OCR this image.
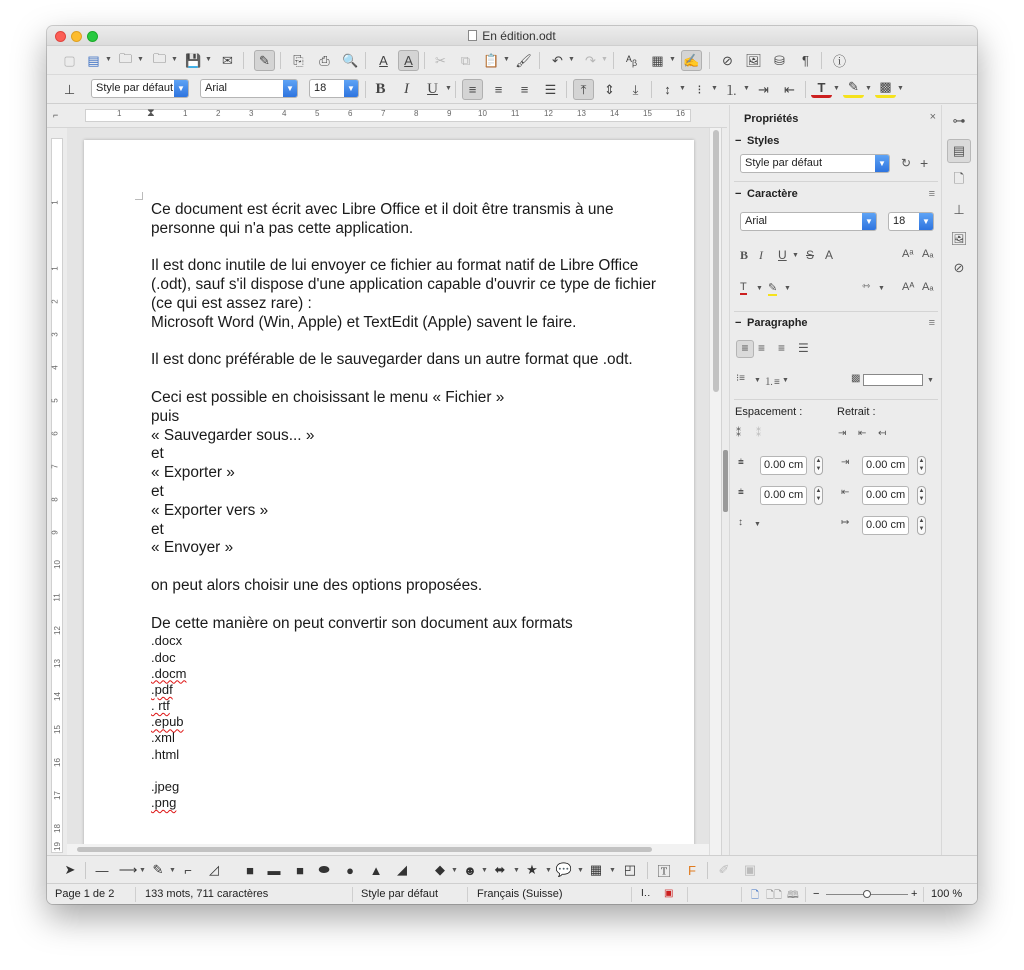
En édition.odt
▢ ▤ ▼ 🗀 ▼ 🗀 ▼ 💾 ▼ ✉	✎	⎘	⎙ 🔍	A	A	✂	⧉	📋 ▼ 🖌	↶ ▼ ↷ ▼	ᴬᵦ	▦ ▼ ✍	⊘ 🖼 ⛁	¶	ⓘ
⊥	Style par défaut ▼	Arial	▼	18	▼	B	I	U	▼	≡	≡	≡	☰	⤒	⇕	⤓	↕	▼ ⁝	▼ ⒈ ▼ ⇥	⇤	T	▼ ✎ ▼ ▩ ▼
⌐	⧗
1	1	2	3	4	5	6	7	8	9	10	11	12	13	14	15	16
1
1
2
3
4
5
6
7
8
9
10
11
12
13
14
15
16
17
18
19
Ce document est écrit avec Libre Office et il doit être transmis à une
personne qui n'a pas cette application.
Il est donc inutile de lui envoyer ce fichier au format natif de Libre Office
(.odt), sauf s'il dispose d'une application capable d'ouvrir ce type de fichier
(ce qui est assez rare) :
Microsoft Word (Win, Apple) et TextEdit (Apple) savent le faire.
Il est donc préférable de le sauvegarder dans un autre format que .odt.
Ceci est possible en choisissant le menu « Fichier »
puis
« Sauvegarder sous... »
et
« Exporter »
et
« Exporter vers »
et
« Envoyer »
on peut alors choisir une des options proposées.
De cette manière on peut convertir son document aux formats
.docx
.doc
.docm
.pdf
. rtf
.epub
.xml
.html
.jpeg
.png
Propriétés	×
− Styles
Style par défaut	▼ ↻ +
− Caractère	≡
Arial	▼	18	▼
B I U ▼ S A	Aᵃ Aₐ
T ▼ ✎ ▼	⇿ ▼ Aᴬ Aₐ
− Paragraphe	≡
≡ ≡ ≡ ☰
⁝≡ ▼ ⒈≡ ▼	▩	▼
Espacement :	Retrait :
⁑ ⁑	⇥ ⇤ ↤
⩧	0.00 cm	▲
▼
⇥	0.00 cm	▲
▼
⩧	0.00 cm	▲
▼
⇤	0.00 cm	▲
▼
↕ ▼	↦	0.00 cm	▲
▼
⊶
▤
🗋
⊥
🖼
⊘
➤ — ⟶ ▼ ✎ ▼ ⌐	◿	■	▬	■	⬬	●	▲	◢	◆ ▼ ☻ ▼ ⬌	▼ ★	▼ 💬 ▼ ▦ ▼ ◰ 🅃	F	✐ ▣
Page 1 de 2	133 mots, 711 caractères	Style par défaut	Français (Suisse)	I‥ ▣	🗋 🗋🗋 🕮 −	+ 100 %
